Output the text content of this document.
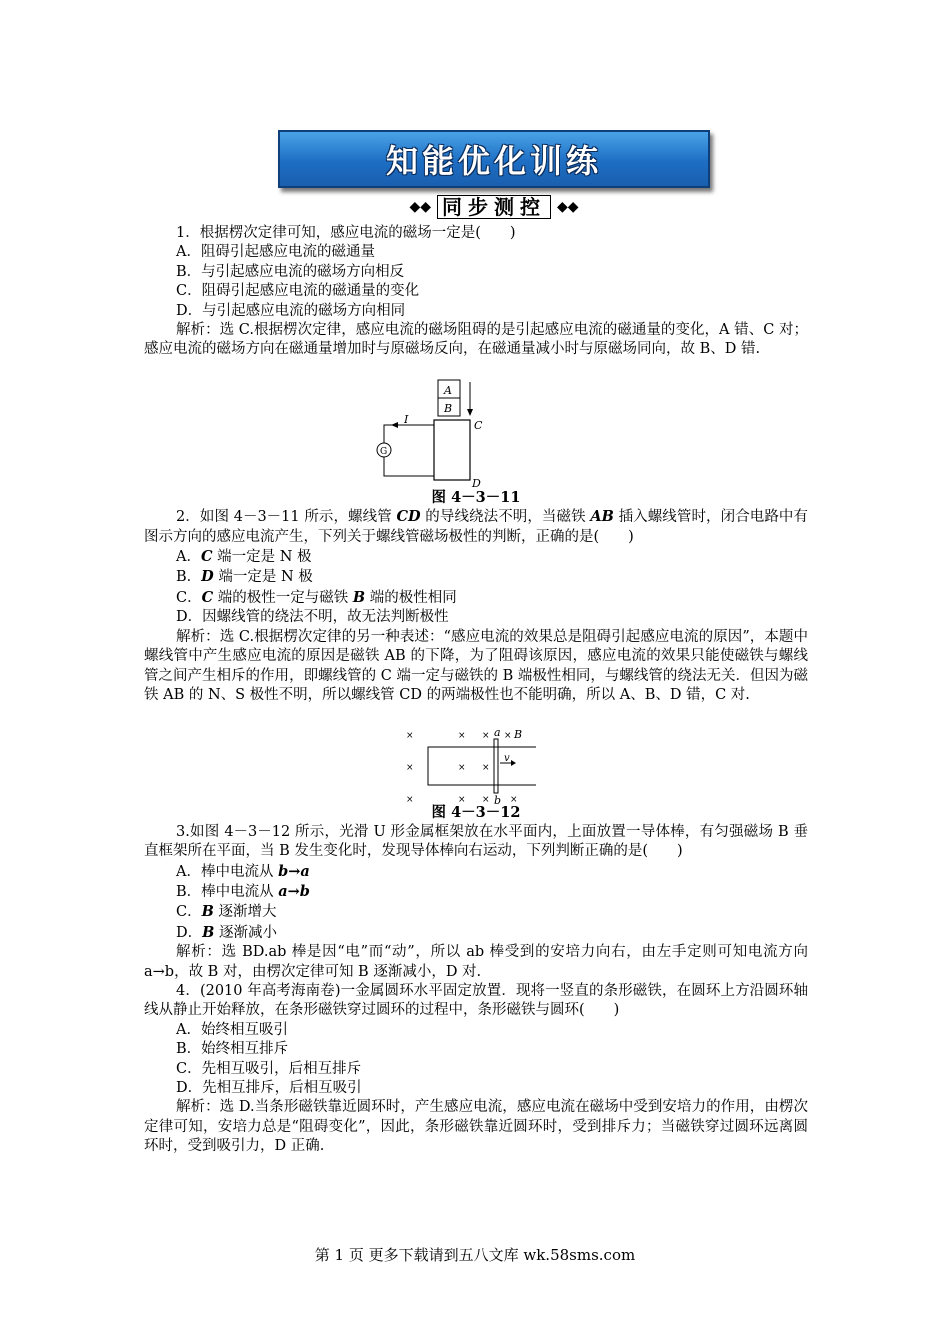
知能优化训练
◆◆ 同步测控 ◆◆

1．根据楞次定律可知，感应电流的磁场一定是(　　)

A．阻碍引起感应电流的磁通量

B．与引起感应电流的磁场方向相反

C．阻碍引起感应电流的磁通量的变化

D．与引起感应电流的磁场方向相同

解析：选 C.根据楞次定律，感应电流的磁场阻碍的是引起感应电流的磁通量的变化，A 错、C 对；感应电流的磁场方向在磁通量增加时与原磁场反向，在磁通量减小时与原磁场同向，故 B、D 错.

A
B
C
D
I
G

图 4－3－11

2．如图 4－3－11 所示，螺线管 CD 的导线绕法不明，当磁铁 AB 插入螺线管时，闭合电路中有图示方向的感应电流产生，下列关于螺线管磁场极性的判断，正确的是(　　)

A．C 端一定是 N 极

B．D 端一定是 N 极

C．C 端的极性一定与磁铁 B 端的极性相同

D．因螺线管的绕法不明，故无法判断极性

解析：选 C.根据楞次定律的另一种表述：“感应电流的效果总是阻碍引起感应电流的原因”，本题中螺线管中产生感应电流的原因是磁铁 AB 的下降，为了阻碍该原因，感应电流的效果只能使磁铁与螺线管之间产生相斥的作用，即螺线管的 C 端一定与磁铁的 B 端极性相同，与螺线管的绕法无关．但因为磁铁 AB 的 N、S 极性不明，所以螺线管 CD 的两端极性也不能明确，所以 A、B、D 错，C 对.

×	× × ×
×	× ×
×	× × ×
a
b
B
v

图 4－3－12

3.如图 4－3－12 所示，光滑 U 形金属框架放在水平面内，上面放置一导体棒，有匀强磁场 B 垂直框架所在平面，当 B 发生变化时，发现导体棒向右运动，下列判断正确的是(　　)

A．棒中电流从 b→a

B．棒中电流从 a→b

C．B 逐渐增大

D．B 逐渐减小

解析：选 BD.ab 棒是因“电”而“动”，所以 ab 棒受到的安培力向右，由左手定则可知电流方向 a→b，故 B 对，由楞次定律可知 B 逐渐减小，D 对.

4．(2010 年高考海南卷)一金属圆环水平固定放置．现将一竖直的条形磁铁，在圆环上方沿圆环轴线从静止开始释放，在条形磁铁穿过圆环的过程中，条形磁铁与圆环(　　)

A．始终相互吸引

B．始终相互排斥

C．先相互吸引，后相互排斥

D．先相互排斥，后相互吸引

解析：选 D.当条形磁铁靠近圆环时，产生感应电流，感应电流在磁场中受到安培力的作用，由楞次定律可知，安培力总是“阻碍变化”，因此，条形磁铁靠近圆环时，受到排斥力；当磁铁穿过圆环远离圆环时，受到吸引力，D 正确.

第 1 页 更多下载请到五八文库 wk.58sms.com
